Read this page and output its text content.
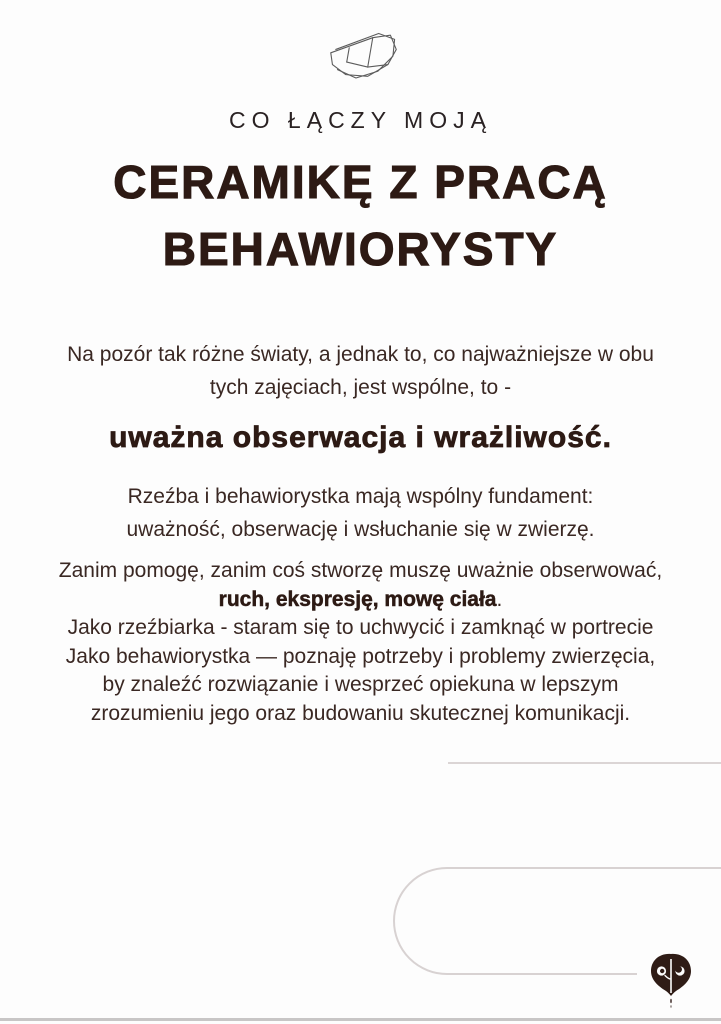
CO ŁĄCZY MOJĄ
CERAMIKĘ Z PRACĄ
BEHAWIORYSTY
Na pozór tak różne światy, a jednak to, co najważniejsze w obu
tych zajęciach, jest wspólne, to -
uważna obserwacja i wrażliwość.
Rzeźba i behawiorystka mają wspólny fundament:
uważność, obserwację i wsłuchanie się w zwierzę.
Zanim pomogę, zanim coś stworzę muszę uważnie obserwować,
ruch, ekspresję, mowę ciała.
Jako rzeźbiarka - staram się to uchwycić i zamknąć w portrecie
Jako behawiorystka — poznaję potrzeby i problemy zwierzęcia,
by znaleźć rozwiązanie i wesprzeć opiekuna w lepszym
zrozumieniu jego oraz budowaniu skutecznej komunikacji.
